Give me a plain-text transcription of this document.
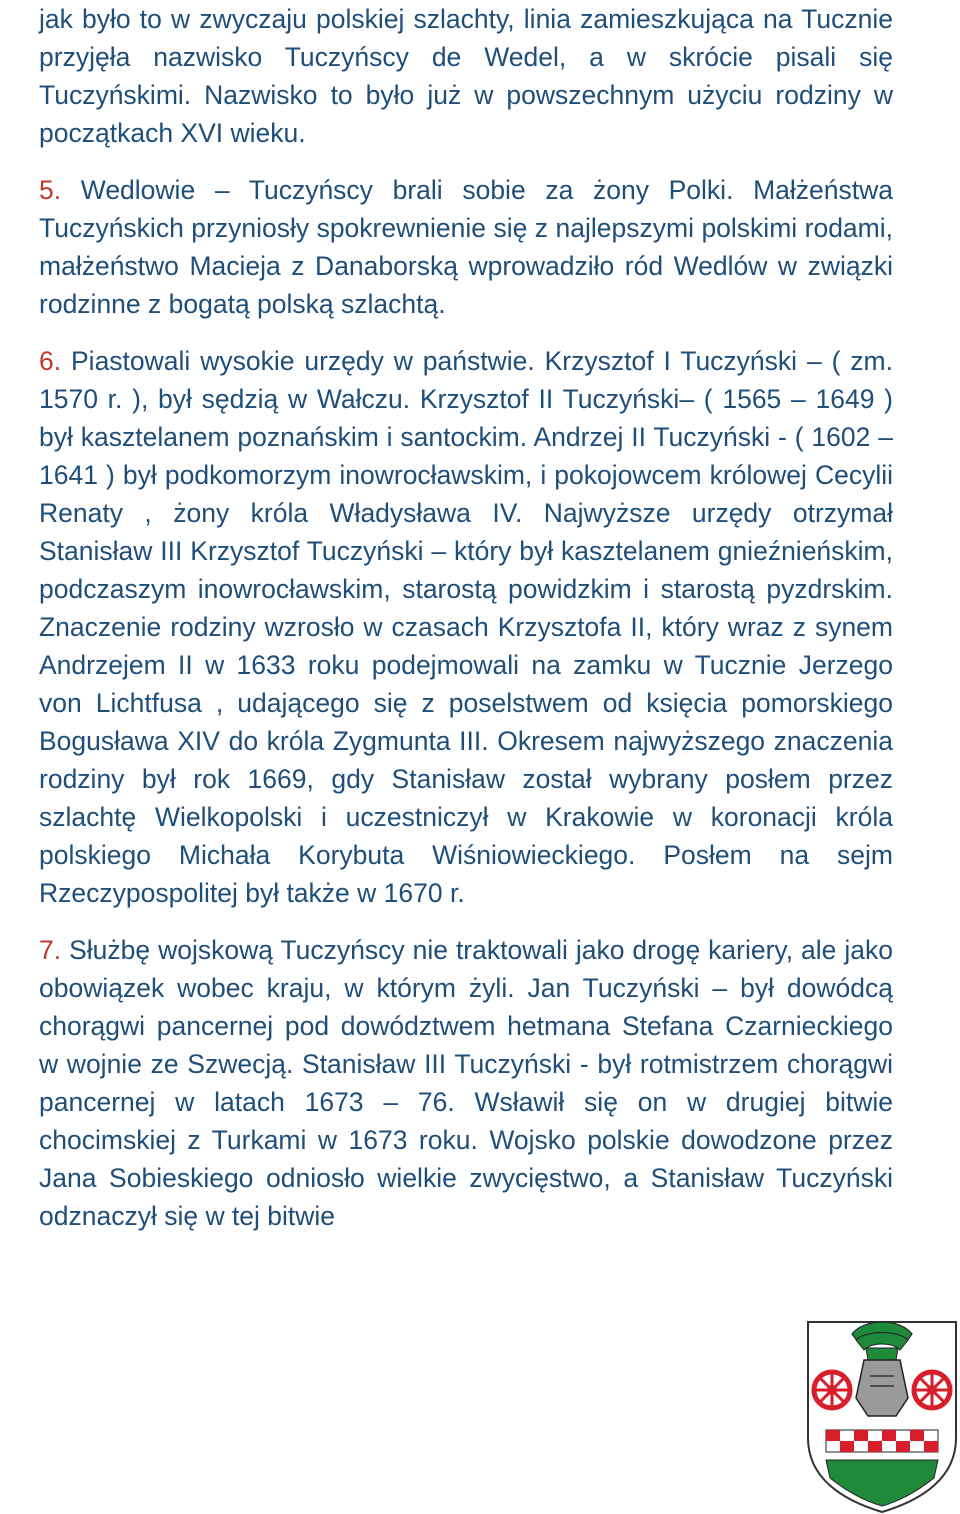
jak było to w zwyczaju polskiej szlachty, linia zamieszkująca na Tucznie przyjęła nazwisko Tuczyńscy de Wedel, a w skrócie pisali się Tuczyńskimi. Nazwisko to było już w powszechnym użyciu rodziny w początkach XVI wieku.

5. Wedlowie – Tuczyńscy brali sobie za żony Polki. Małżeństwa Tuczyńskich przyniosły spokrewnienie się z najlepszymi polskimi rodami, małżeństwo Macieja z Danaborską wprowadziło ród Wedlów w związki rodzinne z bogatą polską szlachtą.

6. Piastowali wysokie urzędy w państwie. Krzysztof I Tuczyński – ( zm. 1570 r. ), był sędzią w Wałczu. Krzysztof II Tuczyński– ( 1565 – 1649 ) był kasztelanem poznańskim i santockim. Andrzej II Tuczyński - ( 1602 – 1641 ) był podkomorzym inowrocławskim, i pokojowcem królowej Cecylii Renaty , żony króla Władysława IV. Najwyższe urzędy otrzymał Stanisław III Krzysztof Tuczyński – który był kasztelanem gnieźnieńskim, podczaszym inowrocławskim, starostą powidzkim i starostą pyzdrskim. Znaczenie rodziny wzrosło w czasach Krzysztofa II, który wraz z synem Andrzejem II w 1633 roku podejmowali na zamku w Tucznie Jerzego von Lichtfusa , udającego się z poselstwem od księcia pomorskiego Bogusława XIV do króla Zygmunta III. Okresem najwyższego znaczenia rodziny był rok 1669, gdy Stanisław został wybrany posłem przez szlachtę Wielkopolski i uczestniczył w Krakowie w koronacji króla polskiego Michała Korybuta Wiśniowieckiego. Posłem na sejm Rzeczypospolitej był także w 1670 r.

7. Służbę wojskową Tuczyńscy nie traktowali jako drogę kariery, ale jako obowiązek wobec kraju, w którym żyli. Jan Tuczyński – był dowódcą chorągwi pancernej pod dowództwem hetmana Stefana Czarnieckiego w wojnie ze Szwecją. Stanisław III Tuczyński - był rotmistrzem chorągwi pancernej w latach 1673 – 76. Wsławił się on w drugiej bitwie chocimskiej z Turkami w 1673 roku. Wojsko polskie dowodzone przez Jana Sobieskiego odniosło wielkie zwycięstwo, a Stanisław Tuczyński odznaczył się w tej bitwie
